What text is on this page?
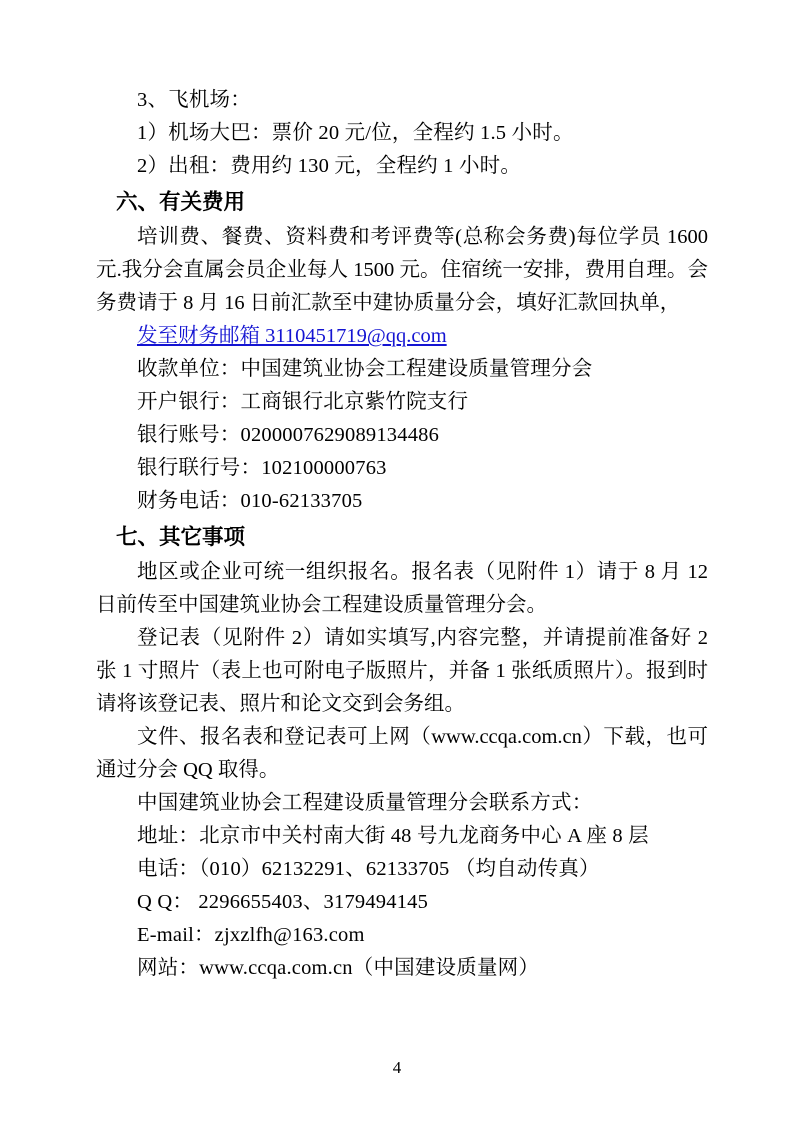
3、飞机场：
1）机场大巴：票价 20 元/位，全程约 1.5 小时。
2）出租：费用约 130 元，全程约 1 小时。
六、有关费用
培训费、餐费、资料费和考评费等(总称会务费)每位学员 1600 元.我分会直属会员企业每人 1500 元。住宿统一安排，费用自理。会务费请于 8 月 16 日前汇款至中建协质量分会，填好汇款回执单，
发至财务邮箱 3110451719@qq.com
收款单位：中国建筑业协会工程建设质量管理分会
开户银行：工商银行北京紫竹院支行
银行账号：0200007629089134486
银行联行号：102100000763
财务电话：010-62133705
七、其它事项
地区或企业可统一组织报名。报名表（见附件 1）请于 8 月 12 日前传至中国建筑业协会工程建设质量管理分会。
登记表（见附件 2）请如实填写,内容完整，并请提前准备好 2 张 1 寸照片（表上也可附电子版照片，并备 1 张纸质照片）。报到时请将该登记表、照片和论文交到会务组。
文件、报名表和登记表可上网（www.ccqa.com.cn）下载，也可通过分会 QQ 取得。
中国建筑业协会工程建设质量管理分会联系方式：
地址：北京市中关村南大街 48 号九龙商务中心 A 座 8 层
电话：（010）62132291、62133705 （均自动传真）
Q Q： 2296655403、3179494145
E-mail：zjxzlfh@163.com
网站：www.ccqa.com.cn（中国建设质量网）
4
